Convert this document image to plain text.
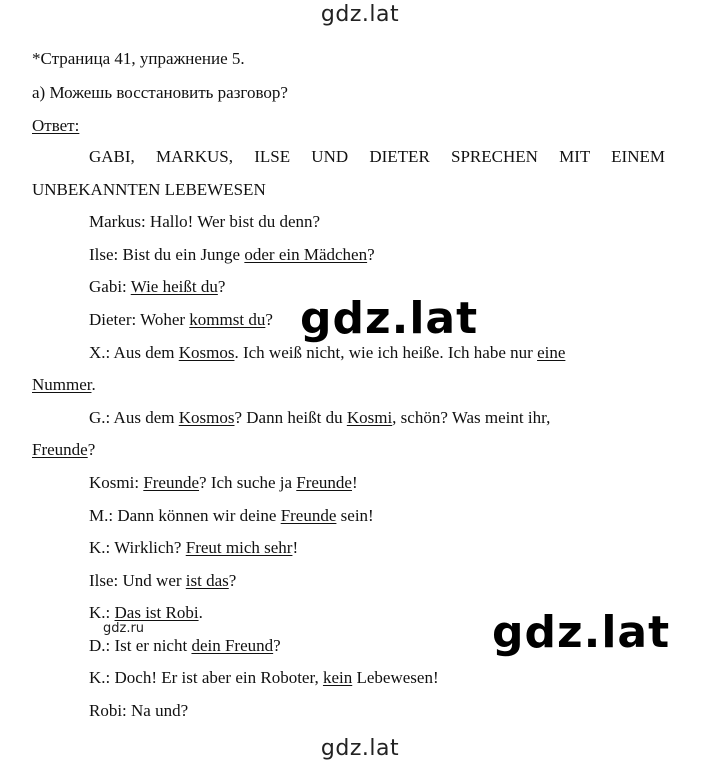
gdz.lat
*Страница 41, упражнение 5.
а) Можешь восстановить разговор?
Ответ:
GABI, MARKUS, ILSE UND DIETER SPRECHEN MIT EINEM
UNBEKANNTEN LEBEWESEN
Markus: Hallo! Wer bist du denn?
Ilse: Bist du ein Junge oder ein Mädchen?
Gabi: Wie heißt du?
Dieter: Woher kommst du?
X.: Aus dem Kosmos. Ich weiß nicht, wie ich heiße. Ich habe nur eine
Nummer.
G.: Aus dem Kosmos? Dann heißt du Kosmi, schön? Was meint ihr,
Freunde?
Kosmi: Freunde? Ich suche ja Freunde!
M.: Dann können wir deine Freunde sein!
K.: Wirklich? Freut mich sehr!
Ilse: Und wer ist das?
K.: Das ist Robi.
D.: Ist er nicht dein Freund?
K.: Doch! Er ist aber ein Roboter, kein Lebewesen!
Robi: Na und?
gdz.lat
gdz.ru	gdz.lat
gdz.lat
